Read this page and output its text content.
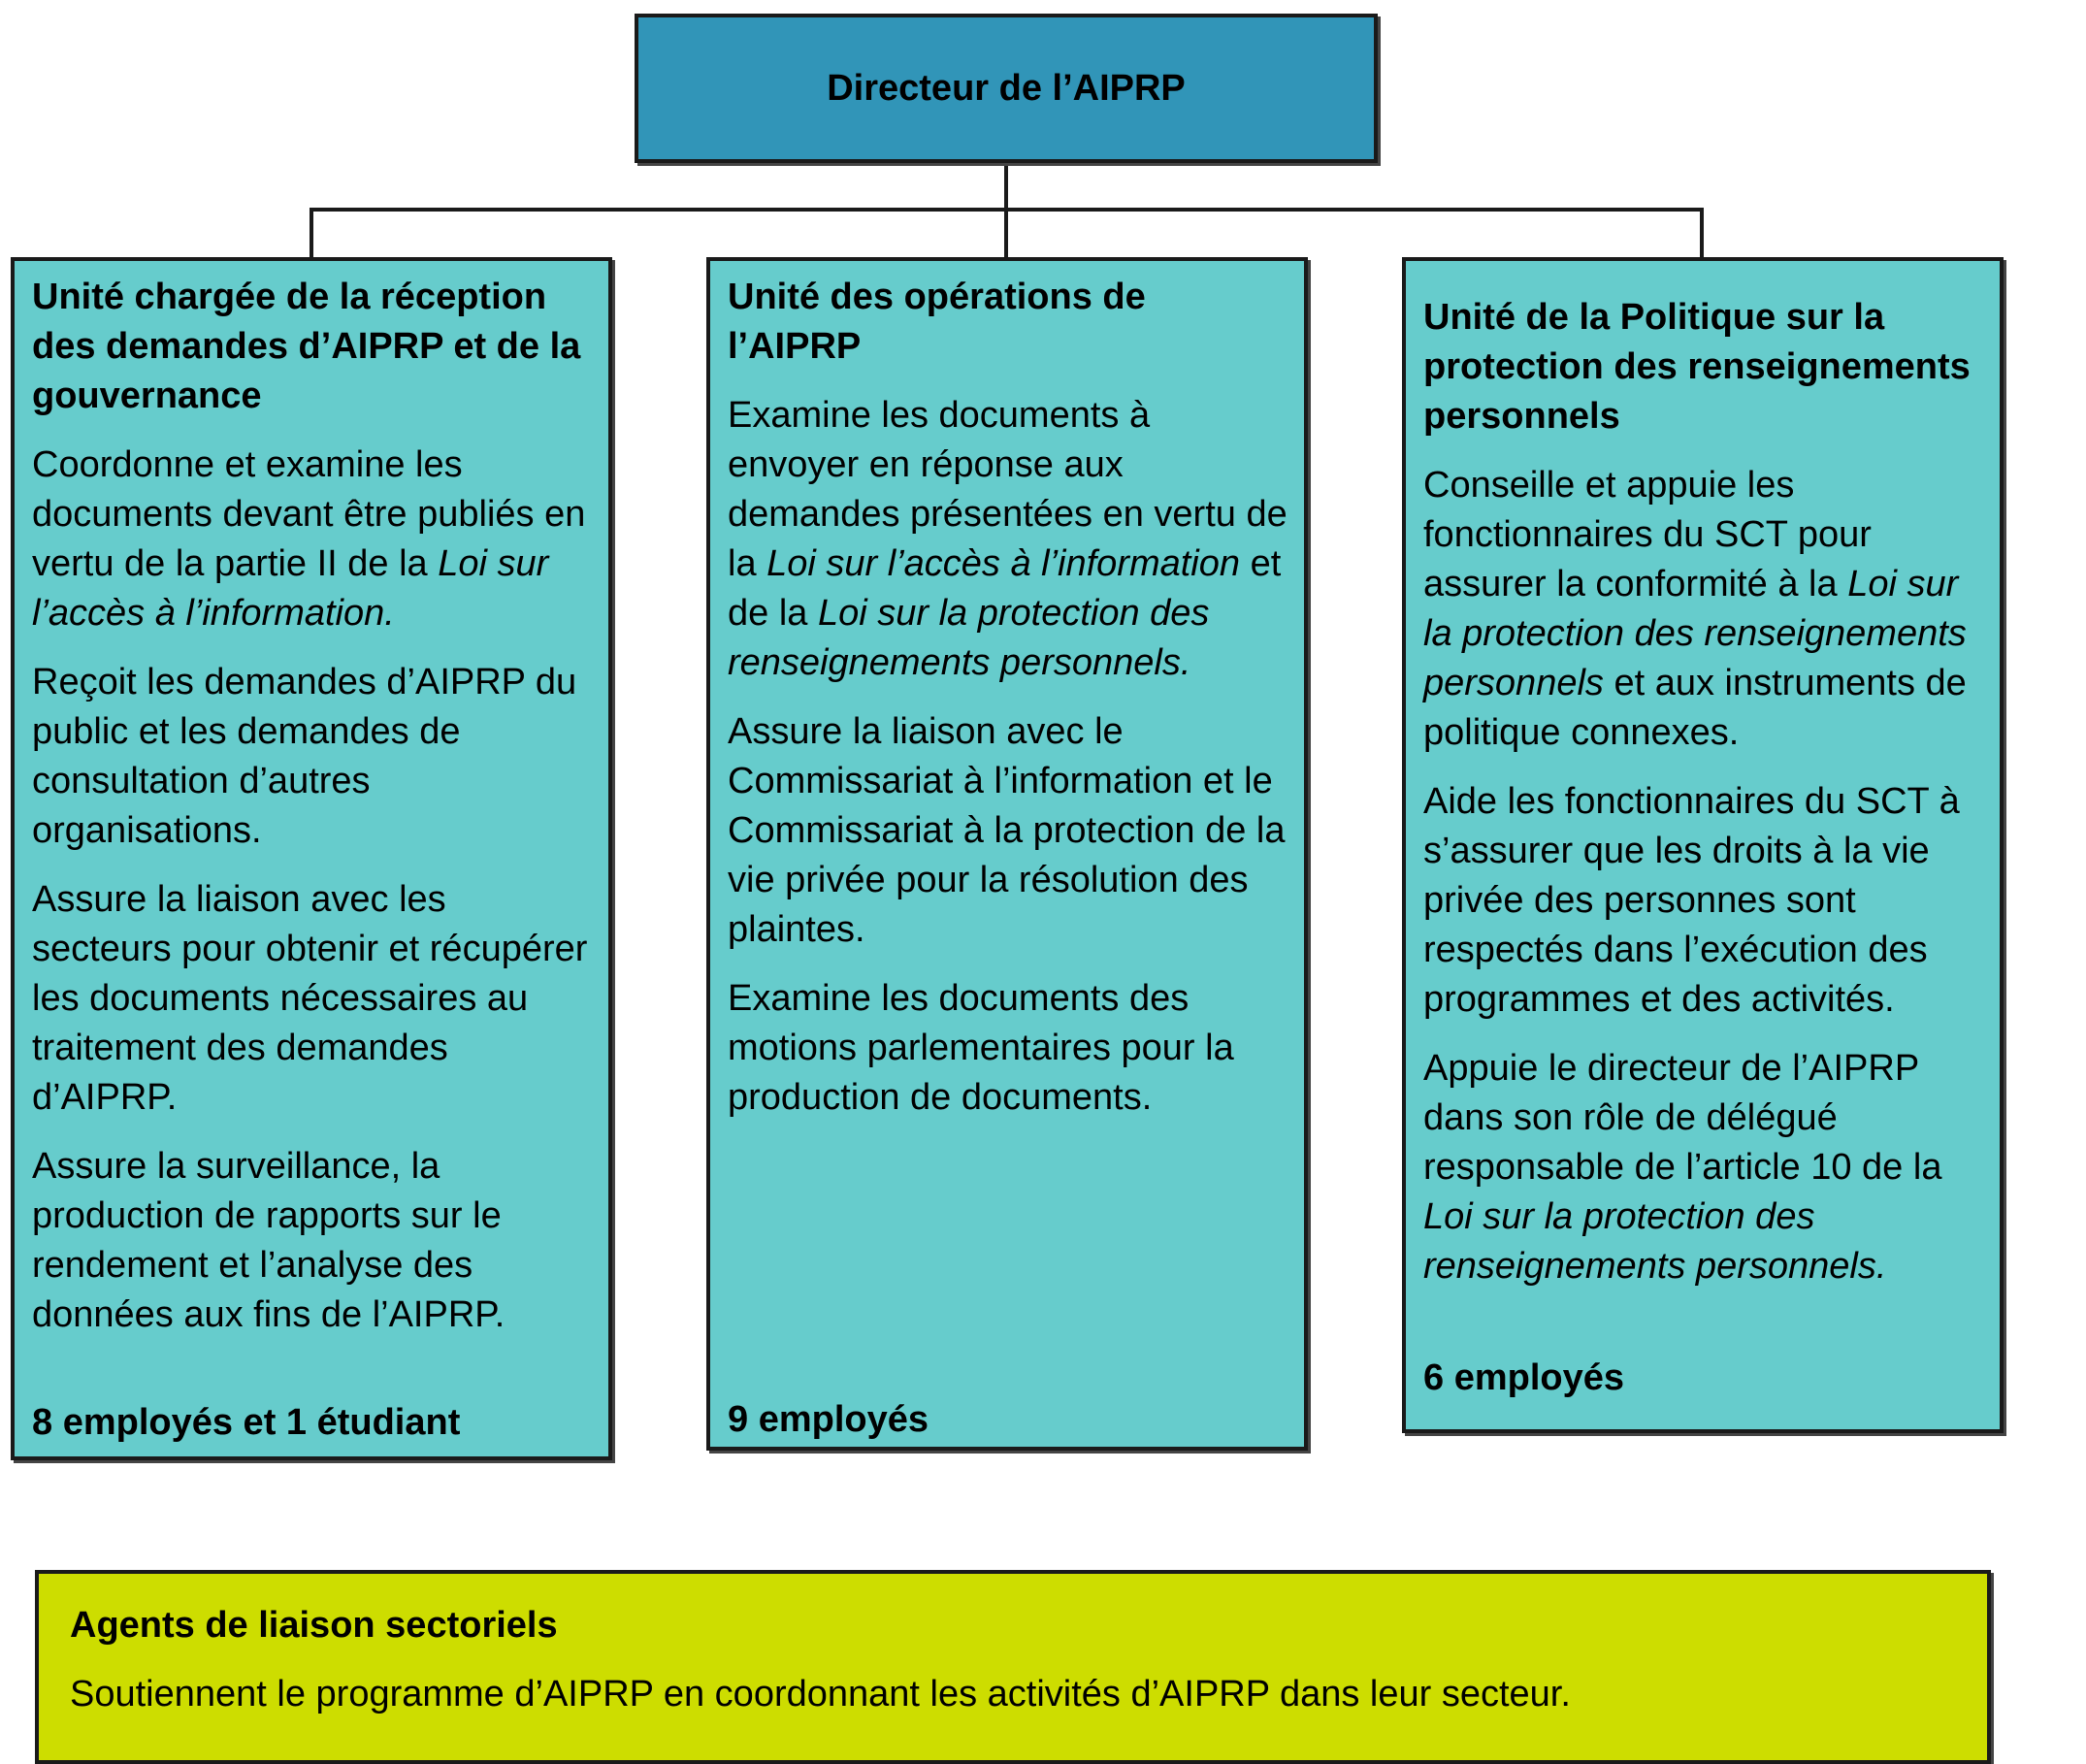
Directeur de l’AIPRP
Unité chargée de la réception des demandes d’AIPRP et de la gouvernance
Coordonne et examine les documents devant être publiés en vertu de la partie II de la Loi sur l’accès à l’information.
Reçoit les demandes d’AIPRP du public et les demandes de consultation d’autres organisations.
Assure la liaison avec les secteurs pour obtenir et récupérer les documents nécessaires au traitement des demandes d’AIPRP.
Assure la surveillance, la production de rapports sur le rendement et l’analyse des données aux fins de l’AIPRP.
8 employés et 1 étudiant
Unité des opérations de l’AIPRP
Examine les documents à envoyer en réponse aux demandes présentées en vertu de la Loi sur l’accès à l’information et de la Loi sur la protection des renseignements personnels.
Assure la liaison avec le Commissariat à l’information et le Commissariat à la protection de la vie privée pour la résolution des plaintes.
Examine les documents des motions parlementaires pour la production de documents.
9 employés
Unité de la Politique sur la protection des renseignements personnels
Conseille et appuie les fonctionnaires du SCT pour assurer la conformité à la Loi sur la protection des renseignements personnels et aux instruments de politique connexes.
Aide les fonctionnaires du SCT à s’assurer que les droits à la vie privée des personnes sont respectés dans l’exécution des programmes et des activités.
Appuie le directeur de l’AIPRP dans son rôle de délégué responsable de l’article 10 de la Loi sur la protection des renseignements personnels.
6 employés
Agents de liaison sectoriels
Soutiennent le programme d’AIPRP en coordonnant les activités d’AIPRP dans leur secteur.
